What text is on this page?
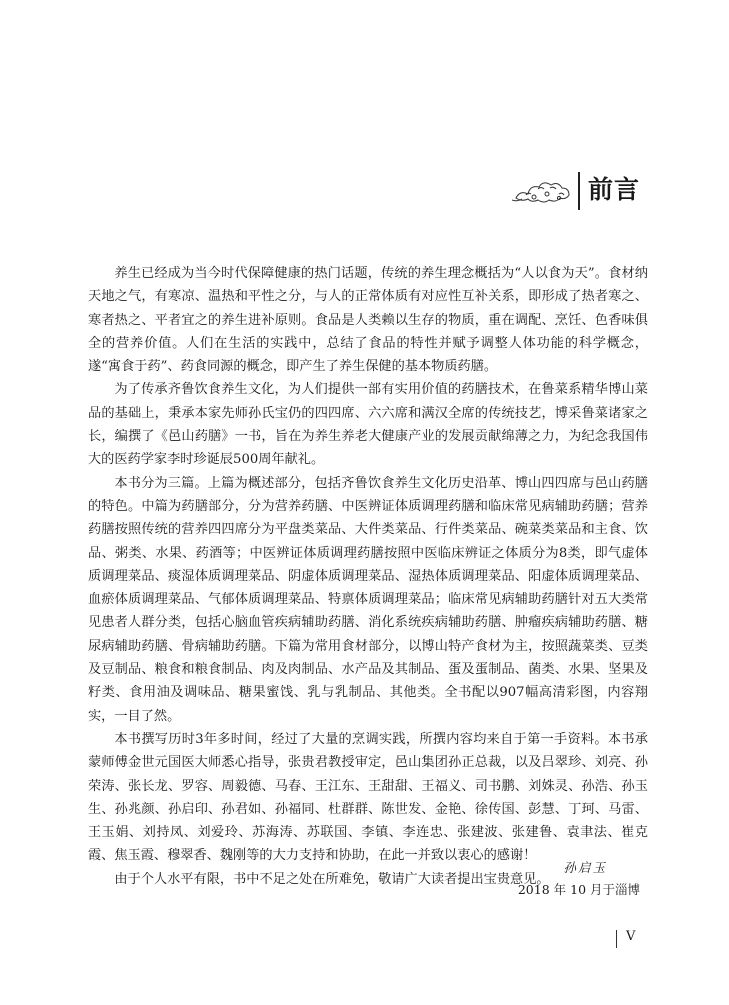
前言

养生已经成为当今时代保障健康的热门话题，传统的养生理念概括为“人以食为天”。食材纳天地之气，有寒凉、温热和平性之分，与人的正常体质有对应性互补关系，即形成了热者寒之、寒者热之、平者宜之的养生进补原则。食品是人类赖以生存的物质，重在调配、烹饪、色香味俱全的营养价值。人们在生活的实践中，总结了食品的特性并赋予调整人体功能的科学概念，遂“寓食于药”、药食同源的概念，即产生了养生保健的基本物质药膳。

为了传承齐鲁饮食养生文化，为人们提供一部有实用价值的药膳技术，在鲁菜系精华博山菜品的基础上，秉承本家先师孙氏宝仍的四四席、六六席和满汉全席的传统技艺，博采鲁菜诸家之长，编撰了《邑山药膳》一书，旨在为养生养老大健康产业的发展贡献绵薄之力，为纪念我国伟大的医药学家李时珍诞辰500周年献礼。

本书分为三篇。上篇为概述部分，包括齐鲁饮食养生文化历史沿革、博山四四席与邑山药膳的特色。中篇为药膳部分，分为营养药膳、中医辨证体质调理药膳和临床常见病辅助药膳；营养药膳按照传统的营养四四席分为平盘类菜品、大件类菜品、行件类菜品、碗菜类菜品和主食、饮品、粥类、水果、药酒等；中医辨证体质调理药膳按照中医临床辨证之体质分为8类，即气虚体质调理菜品、痰湿体质调理菜品、阴虚体质调理菜品、湿热体质调理菜品、阳虚体质调理菜品、血瘀体质调理菜品、气郁体质调理菜品、特禀体质调理菜品；临床常见病辅助药膳针对五大类常见患者人群分类，包括心脑血管疾病辅助药膳、消化系统疾病辅助药膳、肿瘤疾病辅助药膳、糖尿病辅助药膳、骨病辅助药膳。下篇为常用食材部分，以博山特产食材为主，按照蔬菜类、豆类及豆制品、粮食和粮食制品、肉及肉制品、水产品及其制品、蛋及蛋制品、菌类、水果、坚果及籽类、食用油及调味品、糖果蜜饯、乳与乳制品、其他类。全书配以907幅高清彩图，内容翔实，一目了然。

本书撰写历时3年多时间，经过了大量的烹调实践，所撰内容均来自于第一手资料。本书承蒙师傅金世元国医大师悉心指导，张贵君教授审定，邑山集团孙正总裁，以及吕翠珍、刘亮、孙荣涛、张长龙、罗容、周毅德、马春、王江东、王甜甜、王福义、司书鹏、刘姝灵、孙浩、孙玉生、孙兆颜、孙启印、孙君如、孙福同、杜群群、陈世发、金艳、徐传国、彭慧、丁珂、马雷、王玉娟、刘持凤、刘爱玲、苏海涛、苏联国、李镇、李连忠、张建波、张建鲁、袁聿法、崔克霞、焦玉霞、穆翠香、魏刚等的大力支持和协助，在此一并致以衷心的感谢！

由于个人水平有限，书中不足之处在所难免，敬请广大读者提出宝贵意见。

孙启玉
2018 年 10 月于淄博
V
